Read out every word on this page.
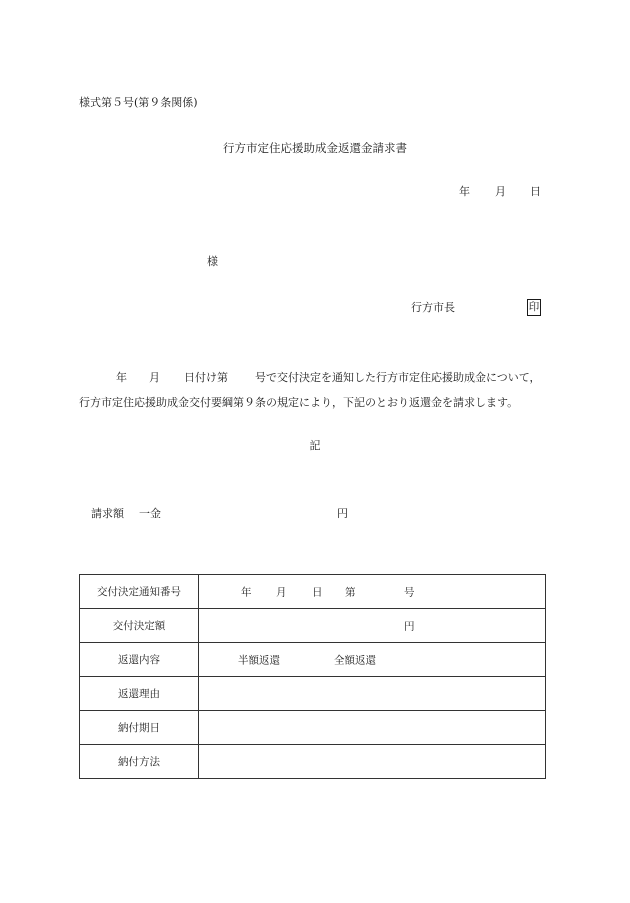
様式第５号(第９条関係)
行方市定住応援助成金返還金請求書
年 月 日
様
行方市長	印
年 月 日付け第 号で交付決定を通知した行方市定住応援助成金について，
行方市定住応援助成金交付要綱第９条の規定により，下記のとおり返還金を請求します。
記
請求額 一金	円
交付決定通知番号	年 月 日 第 号

交付決定額	円

返還内容	半額返還 全額返還

返還理由	
納付期日	
納付方法	
